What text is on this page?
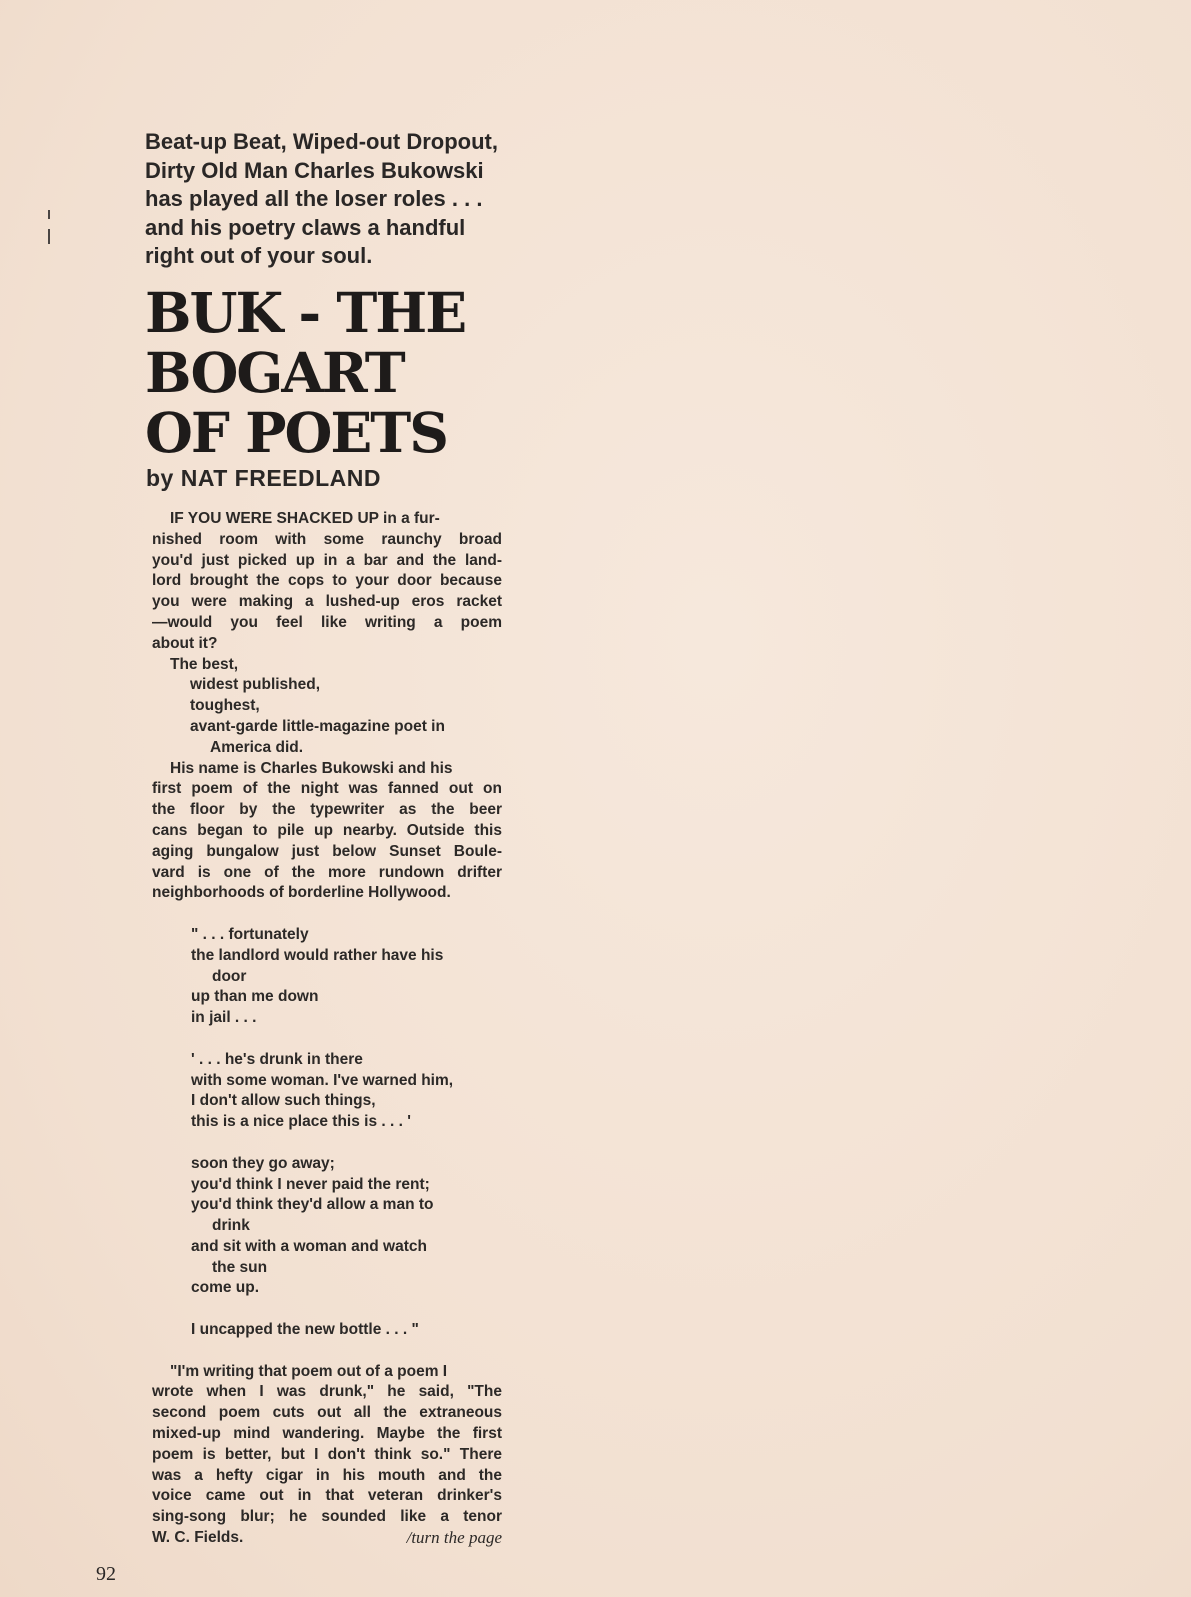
Beat-up Beat, Wiped-out Dropout,
Dirty Old Man Charles Bukowski
has played all the loser roles . . .
and his poetry claws a handful
right out of your soul.
BUK - THE
BOGART
OF POETS
by NAT FREEDLAND
IF YOU WERE SHACKED UP in a fur-
nished room with some raunchy broad
you'd just picked up in a bar and the land-
lord brought the cops to your door because
you were making a lushed-up eros racket
—would you feel like writing a poem
about it?
The best,
widest published,
toughest,
avant-garde little-magazine poet in
America did.
His name is Charles Bukowski and his
first poem of the night was fanned out on
the floor by the typewriter as the beer
cans began to pile up nearby. Outside this
aging bungalow just below Sunset Boule-
vard is one of the more rundown drifter
neighborhoods of borderline Hollywood.
" . . . fortunately
the landlord would rather have his
door
up than me down
in jail . . .
' . . . he's drunk in there
with some woman. I've warned him,
I don't allow such things,
this is a nice place this is . . . '
soon they go away;
you'd think I never paid the rent;
you'd think they'd allow a man to
drink
and sit with a woman and watch
the sun
come up.
I uncapped the new bottle . . . "
"I'm writing that poem out of a poem I
wrote when I was drunk," he said, "The
second poem cuts out all the extraneous
mixed-up mind wandering. Maybe the first
poem is better, but I don't think so." There
was a hefty cigar in his mouth and the
voice came out in that veteran drinker's
sing-song blur; he sounded like a tenor
W. C. Fields.	/turn the page
92
